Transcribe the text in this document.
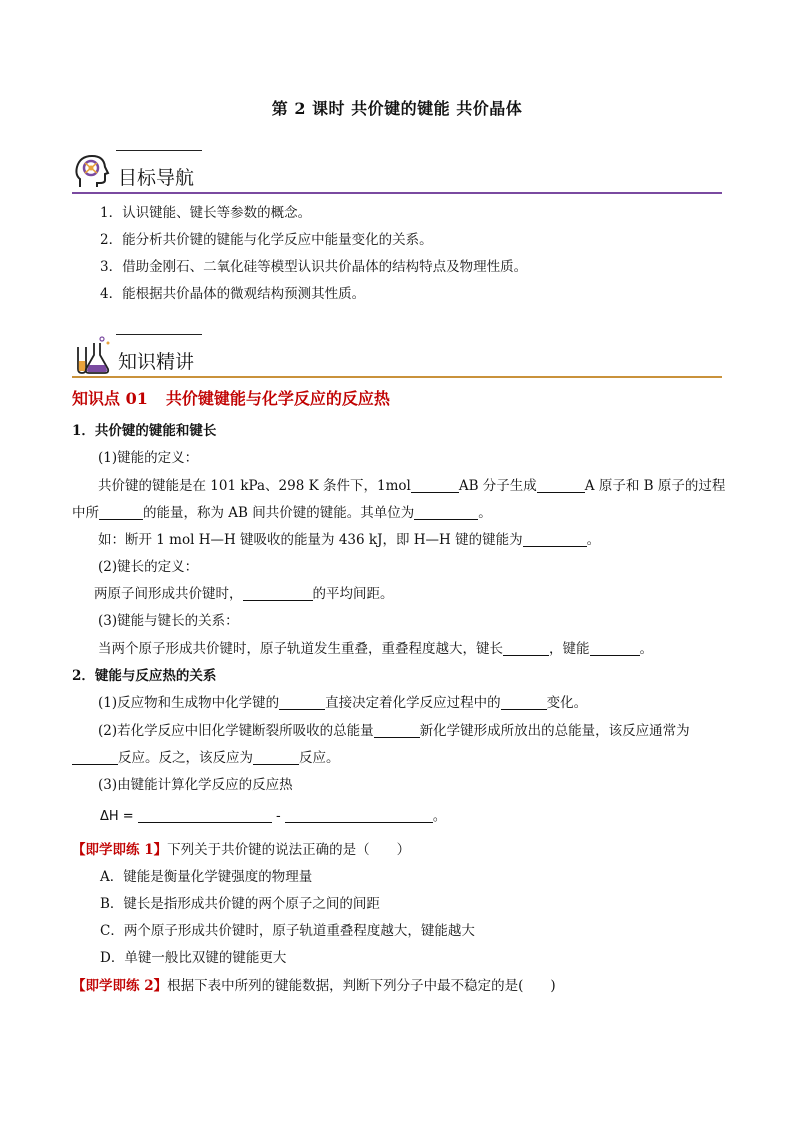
第 2 课时 共价键的键能 共价晶体
目标导航
1．认识键能、键长等参数的概念。
2．能分析共价键的键能与化学反应中能量变化的关系。
3．借助金刚石、二氧化硅等模型认识共价晶体的结构特点及物理性质。
4．能根据共价晶体的微观结构预测其性质。
知识精讲
知识点 01 共价键键能与化学反应的反应热
1．共价键的键能和键长
(1)键能的定义：
共价键的键能是在 101 kPa、298 K 条件下，1mol	AB 分子生成	A 原子和 B 原子的过程
中所	的能量，称为 AB 间共价键的键能。其单位为	。
如：断开 1 mol H—H 键吸收的能量为 436 kJ，即 H—H 键的键能为	。
(2)键长的定义：
两原子间形成共价键时，	的平均间距。
(3)键能与键长的关系：
当两个原子形成共价键时，原子轨道发生重叠，重叠程度越大，键长	，键能	。
2．键能与反应热的关系
(1)反应物和生成物中化学键的	直接决定着化学反应过程中的	变化。
(2)若化学反应中旧化学键断裂所吸收的总能量	新化学键形成所放出的总能量，该反应通常为
反应。反之，该反应为	反应。
(3)由键能计算化学反应的反应热
ΔH =	-	。
【即学即练 1】下列关于共价键的说法正确的是（　　）
A．键能是衡量化学键强度的物理量
B．键长是指形成共价键的两个原子之间的间距
C．两个原子形成共价键时，原子轨道重叠程度越大，键能越大
D．单键一般比双键的键能更大
【即学即练 2】根据下表中所列的键能数据，判断下列分子中最不稳定的是(　　)
